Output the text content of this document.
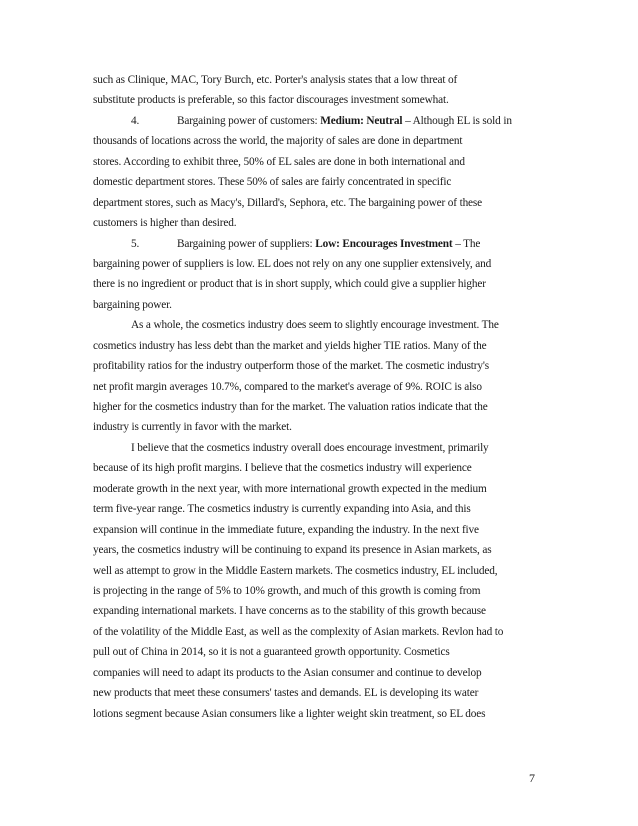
such as Clinique, MAC, Tory Burch, etc. Porter's analysis states that a low threat of
substitute products is preferable, so this factor discourages investment somewhat.
4.	Bargaining power of customers: Medium: Neutral – Although EL is sold in
thousands of locations across the world, the majority of sales are done in department
stores. According to exhibit three, 50% of EL sales are done in both international and
domestic department stores. These 50% of sales are fairly concentrated in specific
department stores, such as Macy's, Dillard's, Sephora, etc. The bargaining power of these
customers is higher than desired.
5.	Bargaining power of suppliers: Low: Encourages Investment – The
bargaining power of suppliers is low. EL does not rely on any one supplier extensively, and
there is no ingredient or product that is in short supply, which could give a supplier higher
bargaining power.
As a whole, the cosmetics industry does seem to slightly encourage investment. The
cosmetics industry has less debt than the market and yields higher TIE ratios. Many of the
profitability ratios for the industry outperform those of the market. The cosmetic industry's
net profit margin averages 10.7%, compared to the market's average of 9%. ROIC is also
higher for the cosmetics industry than for the market. The valuation ratios indicate that the
industry is currently in favor with the market.
I believe that the cosmetics industry overall does encourage investment, primarily
because of its high profit margins. I believe that the cosmetics industry will experience
moderate growth in the next year, with more international growth expected in the medium
term five-year range. The cosmetics industry is currently expanding into Asia, and this
expansion will continue in the immediate future, expanding the industry. In the next five
years, the cosmetics industry will be continuing to expand its presence in Asian markets, as
well as attempt to grow in the Middle Eastern markets. The cosmetics industry, EL included,
is projecting in the range of 5% to 10% growth, and much of this growth is coming from
expanding international markets. I have concerns as to the stability of this growth because
of the volatility of the Middle East, as well as the complexity of Asian markets. Revlon had to
pull out of China in 2014, so it is not a guaranteed growth opportunity. Cosmetics
companies will need to adapt its products to the Asian consumer and continue to develop
new products that meet these consumers' tastes and demands. EL is developing its water
lotions segment because Asian consumers like a lighter weight skin treatment, so EL does
7
